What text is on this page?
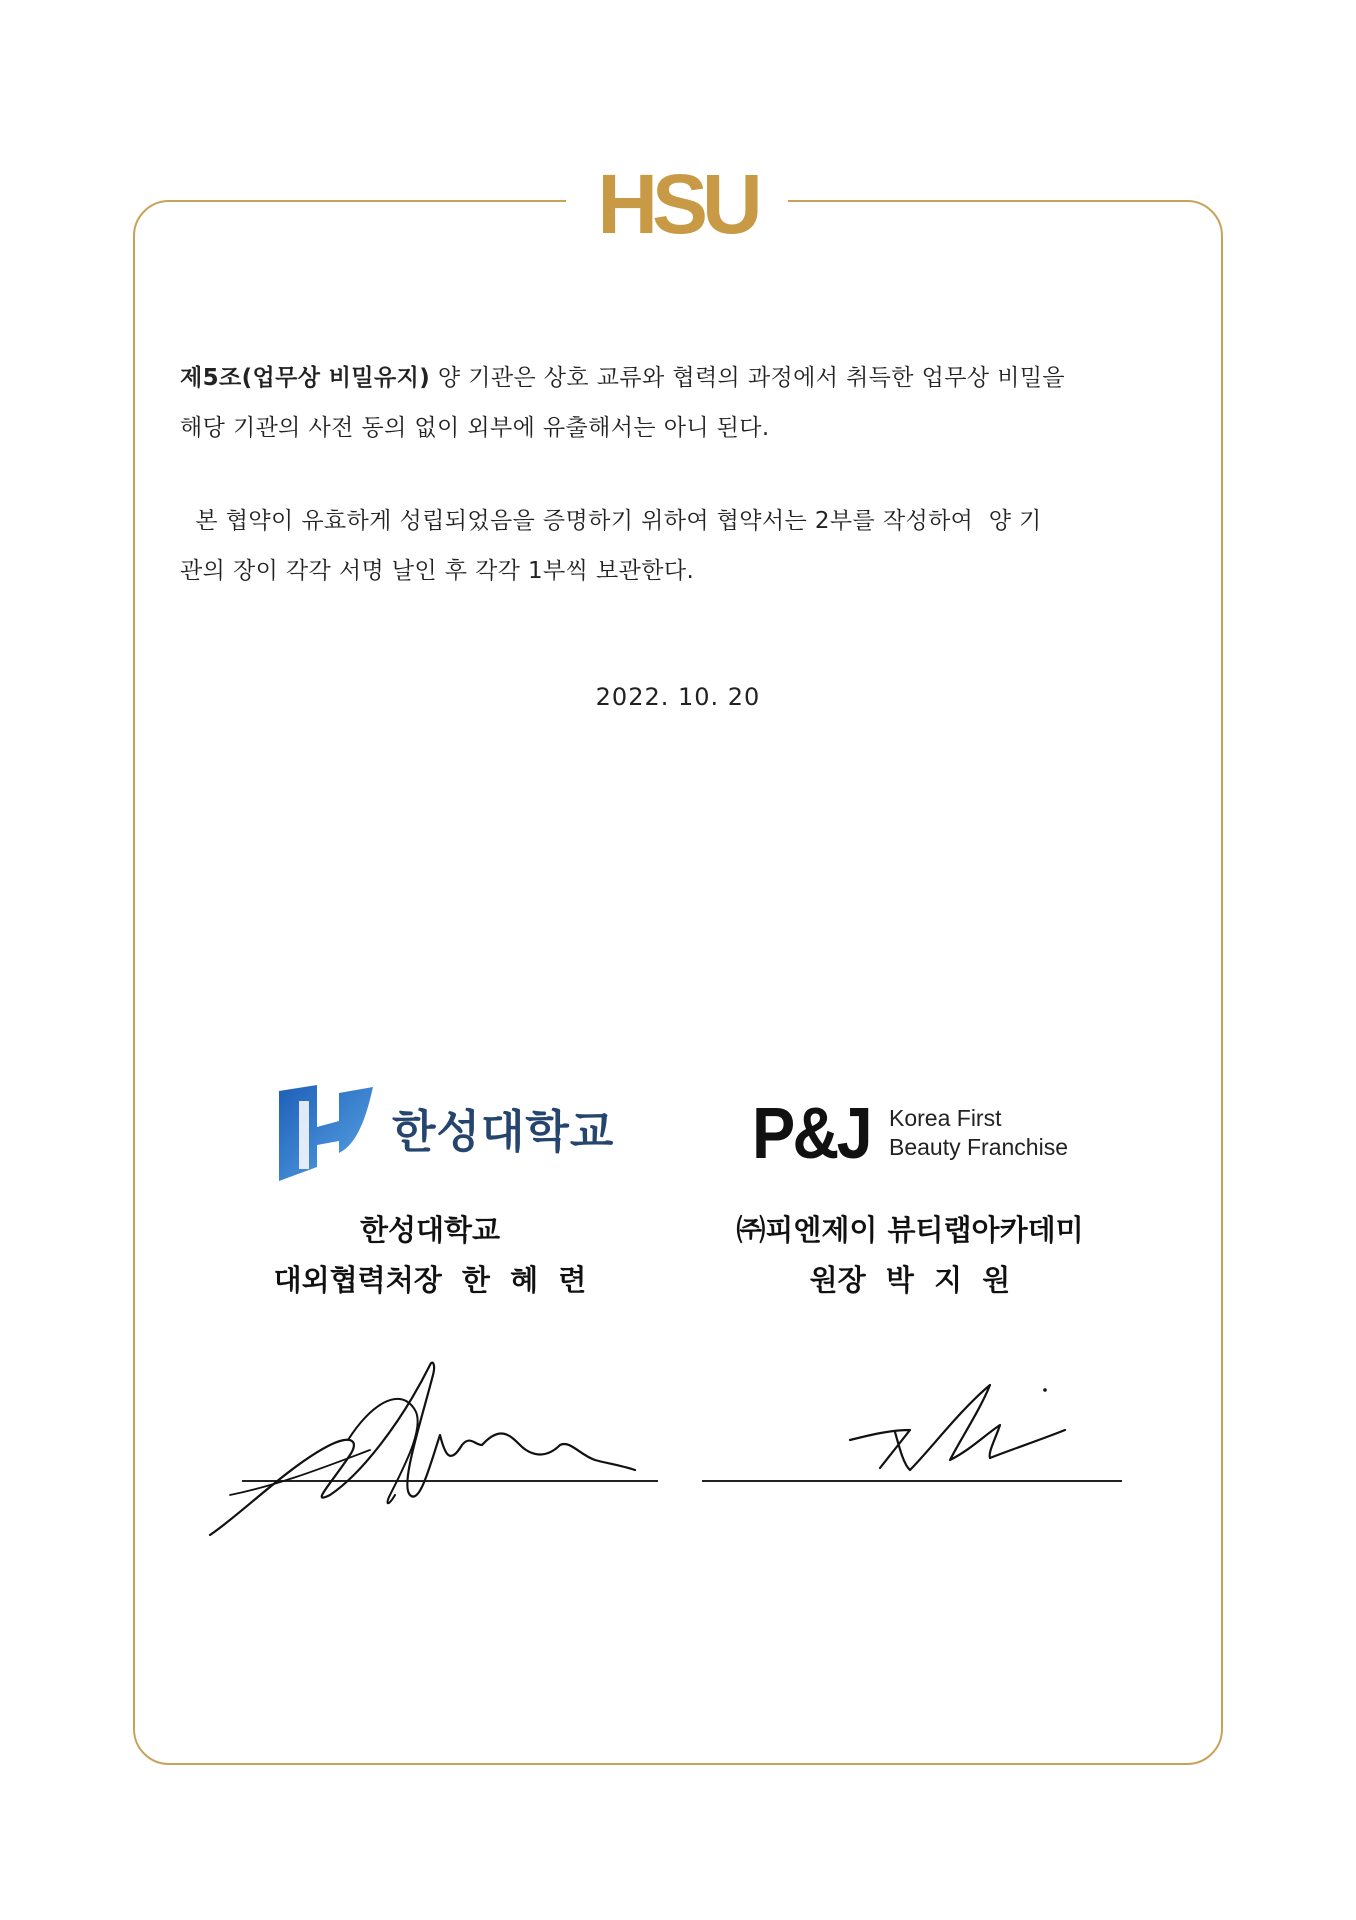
HSU

제5조(업무상 비밀유지) 양 기관은 상호 교류와 협력의 과정에서 취득한 업무상 비밀을

해당 기관의 사전 동의 없이 외부에 유출해서는 아니 된다.

본 협약이 유효하게 성립되었음을 증명하기 위하여 협약서는 2부를 작성하여  양 기

관의 장이 각각 서명 날인 후 각각 1부씩 보관한다.

2022. 10. 20
한성대학교 P&J Korea First
Beauty Franchise
한성대학교
대외협력처장  한  혜  련
㈜피엔제이 뷰티랩아카데미
원장  박  지  원
